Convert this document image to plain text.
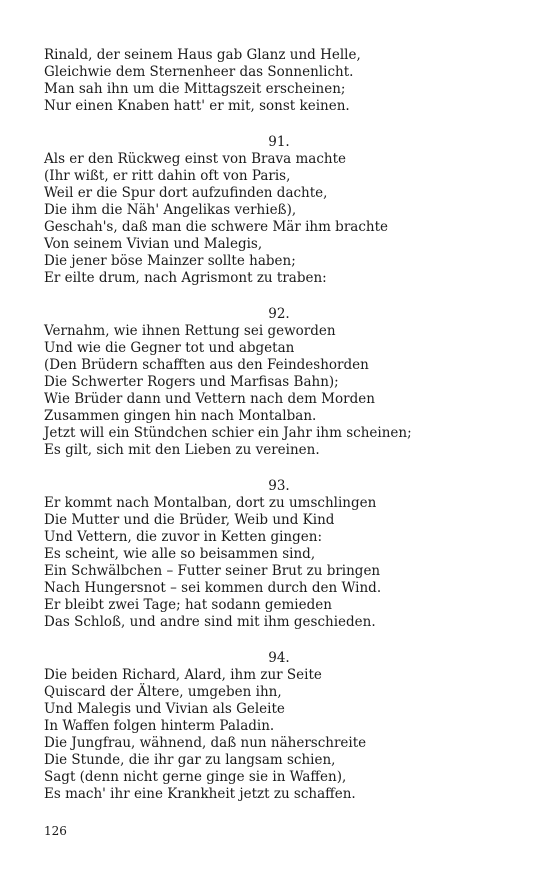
Rinald, der seinem Haus gab Glanz und Helle,

Gleichwie dem Sternenheer das Sonnenlicht.

Man sah ihn um die Mittagszeit erscheinen;

Nur einen Knaben hatt' er mit, sonst keinen.

91.

Als er den Rückweg einst von Brava machte

(Ihr wißt, er ritt dahin oft von Paris,

Weil er die Spur dort aufzufinden dachte,

Die ihm die Näh' Angelikas verhieß),

Geschah's, daß man die schwere Mär ihm brachte

Von seinem Vivian und Malegis,

Die jener böse Mainzer sollte haben;

Er eilte drum, nach Agrismont zu traben:

92.

Vernahm, wie ihnen Rettung sei geworden

Und wie die Gegner tot und abgetan

(Den Brüdern schafften aus den Feindeshorden

Die Schwerter Rogers und Marfisas Bahn);

Wie Brüder dann und Vettern nach dem Morden

Zusammen gingen hin nach Montalban.

Jetzt will ein Stündchen schier ein Jahr ihm scheinen;

Es gilt, sich mit den Lieben zu vereinen.

93.

Er kommt nach Montalban, dort zu umschlingen

Die Mutter und die Brüder, Weib und Kind

Und Vettern, die zuvor in Ketten gingen:

Es scheint, wie alle so beisammen sind,

Ein Schwälbchen – Futter seiner Brut zu bringen

Nach Hungersnot – sei kommen durch den Wind.

Er bleibt zwei Tage; hat sodann gemieden

Das Schloß, und andre sind mit ihm geschieden.

94.

Die beiden Richard, Alard, ihm zur Seite

Quiscard der Ältere, umgeben ihn,

Und Malegis und Vivian als Geleite

In Waffen folgen hinterm Paladin.

Die Jungfrau, wähnend, daß nun näherschreite

Die Stunde, die ihr gar zu langsam schien,

Sagt (denn nicht gerne ginge sie in Waffen),

Es mach' ihr eine Krankheit jetzt zu schaffen.

126
